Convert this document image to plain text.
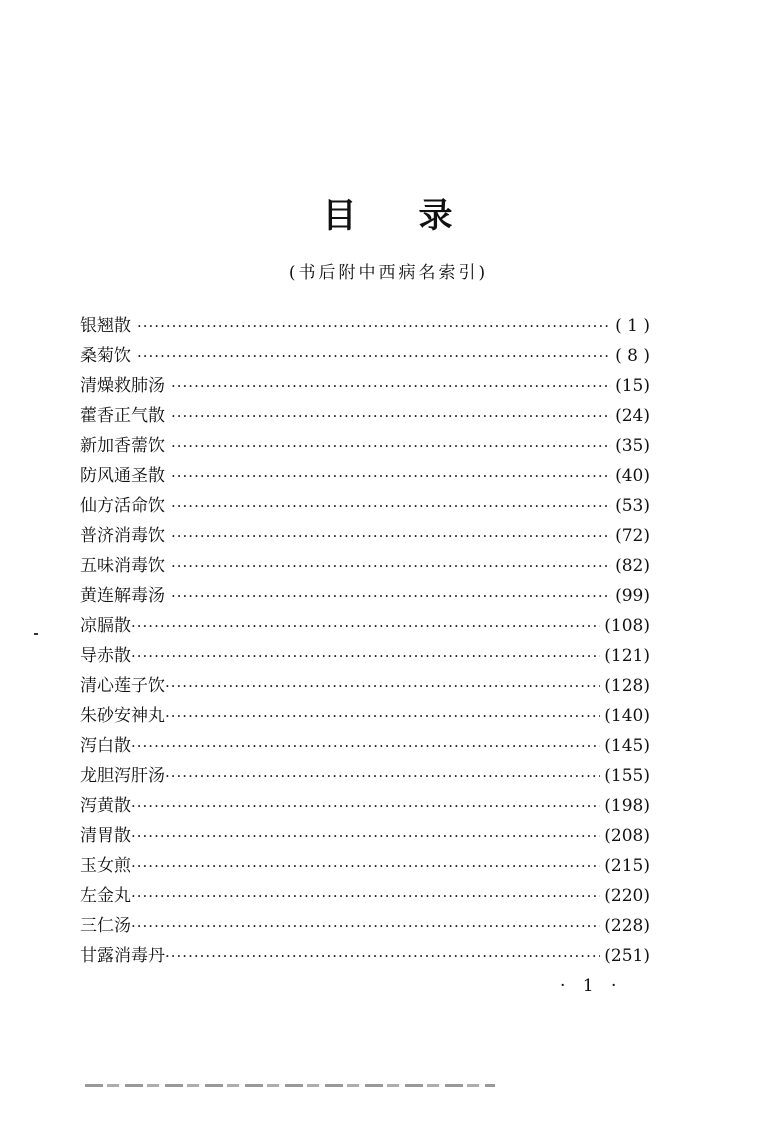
目 录
(书后附中西病名索引)
银翘散 ·····	( 1 )
桑菊饮 ·····	( 8 )
清燥救肺汤 ·····	(15)
藿香正气散 ·····	(24)
新加香薷饮 ·····	(35)
防风通圣散 ·····	(40)
仙方活命饮 ·····	(53)
普济消毒饮 ·····	(72)
五味消毒饮 ·····	(82)
黄连解毒汤 ·····	(99)
凉膈散 ·····	(108)
导赤散 ·····	(121)
清心莲子饮 ·····	(128)
朱砂安神丸 ·····	(140)
泻白散 ·····	(145)
龙胆泻肝汤 ·····	(155)
泻黄散 ·····	(198)
清胃散 ·····	(208)
玉女煎 ·····	(215)
左金丸 ·····	(220)
三仁汤 ·····	(228)
甘露消毒丹 ·····	(251)
· 1 ·
